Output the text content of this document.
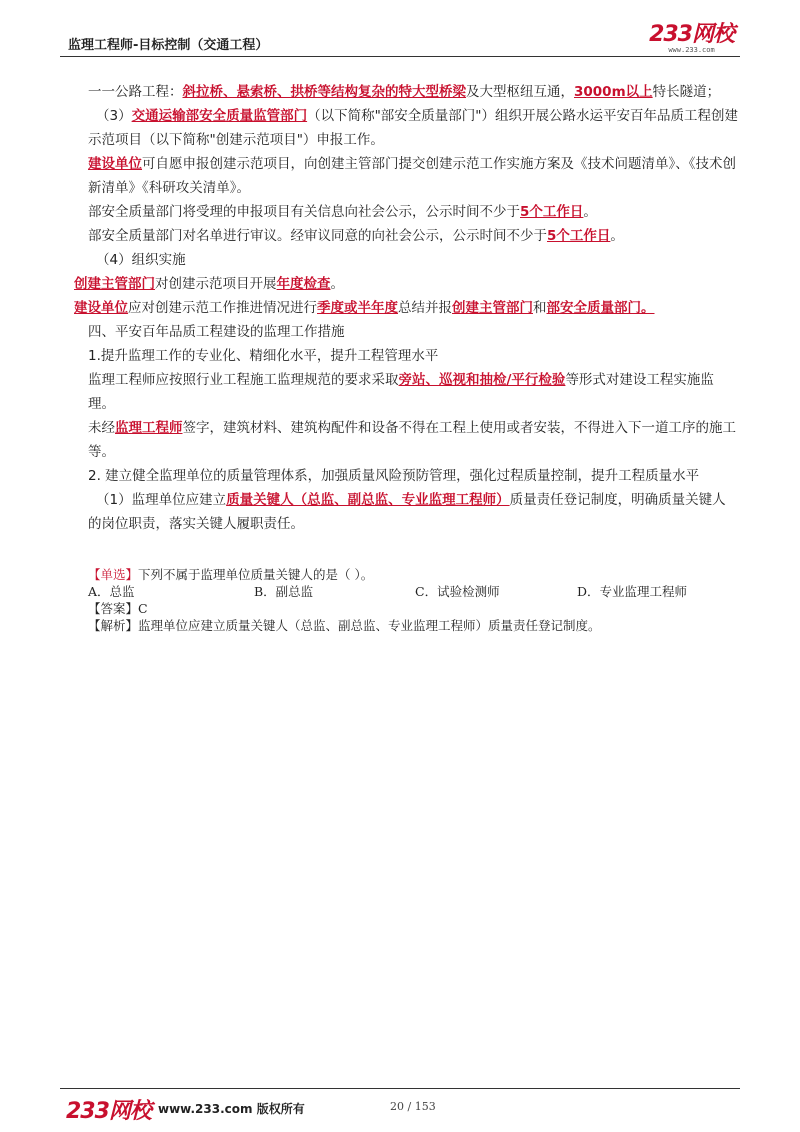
监理工程师-目标控制（交通工程）	233网校
www.233.com

一一公路工程：斜拉桥、悬索桥、拱桥等结构复杂的特大型桥梁及大型枢纽互通，3000m以上特长隧道；

（3）交通运输部安全质量监管部门（以下简称"部安全质量部门"）组织开展公路水运平安百年品质工程创建示范项目（以下简称"创建示范项目"）申报工作。

建设单位可自愿申报创建示范项目，向创建主管部门提交创建示范工作实施方案及《技术问题清单》、《技术创新清单》《科研攻关清单》。

部安全质量部门将受理的申报项目有关信息向社会公示，公示时间不少于5个工作日。

部安全质量部门对名单进行审议。经审议同意的向社会公示，公示时间不少于5个工作日。

（4）组织实施

创建主管部门对创建示范项目开展年度检查。

建设单位应对创建示范工作推进情况进行季度或半年度总结并报创建主管部门和部安全质量部门。

四、平安百年品质工程建设的监理工作措施

1.提升监理工作的专业化、精细化水平，提升工程管理水平

监理工程师应按照行业工程施工监理规范的要求采取旁站、巡视和抽检/平行检验等形式对建设工程实施监理。

未经监理工程师签字，建筑材料、建筑构配件和设备不得在工程上使用或者安装，不得进入下一道工序的施工等。

2. 建立健全监理单位的质量管理体系，加强质量风险预防管理，强化过程质量控制，提升工程质量水平

（1）监理单位应建立质量关键人（总监、副总监、专业监理工程师）质量责任登记制度，明确质量关键人的岗位职责，落实关键人履职责任。

【单选】下列不属于监理单位质量关键人的是（ ）。
A．总监	B．副总监	C．试验检测师	D．专业监理工程师
【答案】C
【解析】监理单位应建立质量关键人（总监、副总监、专业监理工程师）质量责任登记制度。
233网校 www.233.com 版权所有	20 / 153
